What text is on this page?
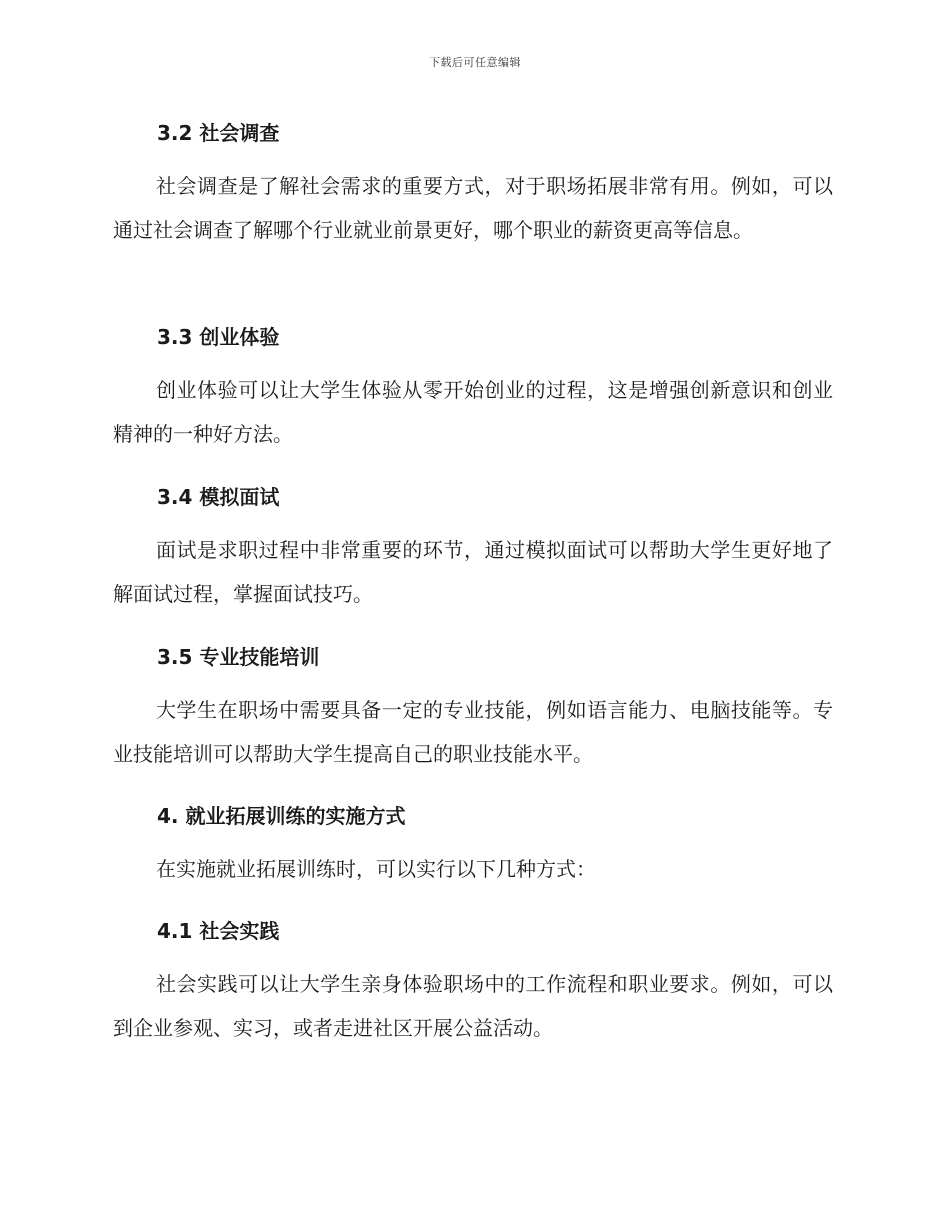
下载后可任意编辑
3.2 社会调查
社会调查是了解社会需求的重要方式，对于职场拓展非常有用。例如，可以通过社会调查了解哪个行业就业前景更好，哪个职业的薪资更高等信息。
3.3 创业体验
创业体验可以让大学生体验从零开始创业的过程，这是增强创新意识和创业精神的一种好方法。
3.4 模拟面试
面试是求职过程中非常重要的环节，通过模拟面试可以帮助大学生更好地了解面试过程，掌握面试技巧。
3.5 专业技能培训
大学生在职场中需要具备一定的专业技能，例如语言能力、电脑技能等。专业技能培训可以帮助大学生提高自己的职业技能水平。
4. 就业拓展训练的实施方式
在实施就业拓展训练时，可以实行以下几种方式：
4.1 社会实践
社会实践可以让大学生亲身体验职场中的工作流程和职业要求。例如，可以到企业参观、实习，或者走进社区开展公益活动。
